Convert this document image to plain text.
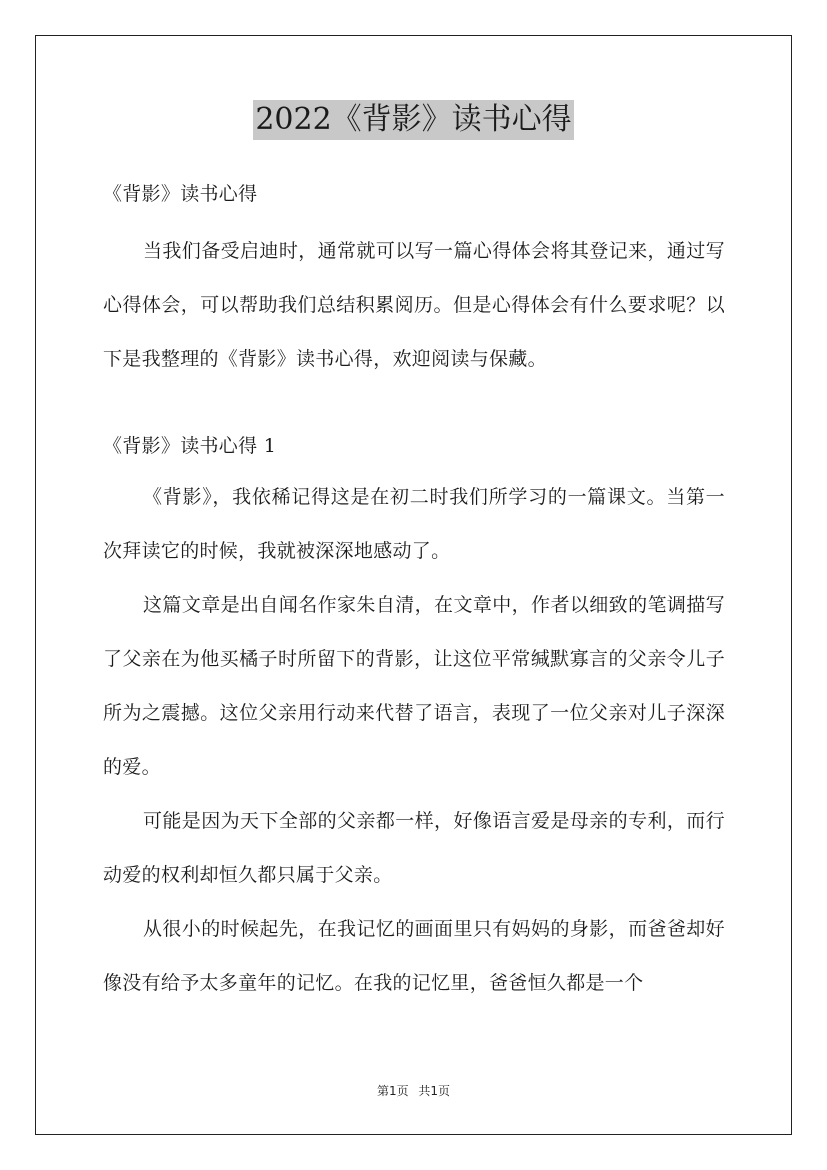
2022《背影》读书心得

《背影》读书心得

当我们备受启迪时，通常就可以写一篇心得体会将其登记来，通过写心得体会，可以帮助我们总结积累阅历。但是心得体会有什么要求呢？以下是我整理的《背影》读书心得，欢迎阅读与保藏。

《背影》读书心得 1

《背影》，我依稀记得这是在初二时我们所学习的一篇课文。当第一次拜读它的时候，我就被深深地感动了。

这篇文章是出自闻名作家朱自清，在文章中，作者以细致的笔调描写了父亲在为他买橘子时所留下的背影，让这位平常缄默寡言的父亲令儿子所为之震撼。这位父亲用行动来代替了语言，表现了一位父亲对儿子深深的爱。

可能是因为天下全部的父亲都一样，好像语言爱是母亲的专利，而行动爱的权利却恒久都只属于父亲。

从很小的时候起先，在我记忆的画面里只有妈妈的身影，而爸爸却好像没有给予太多童年的记忆。在我的记忆里，爸爸恒久都是一个

第1页 共1页
